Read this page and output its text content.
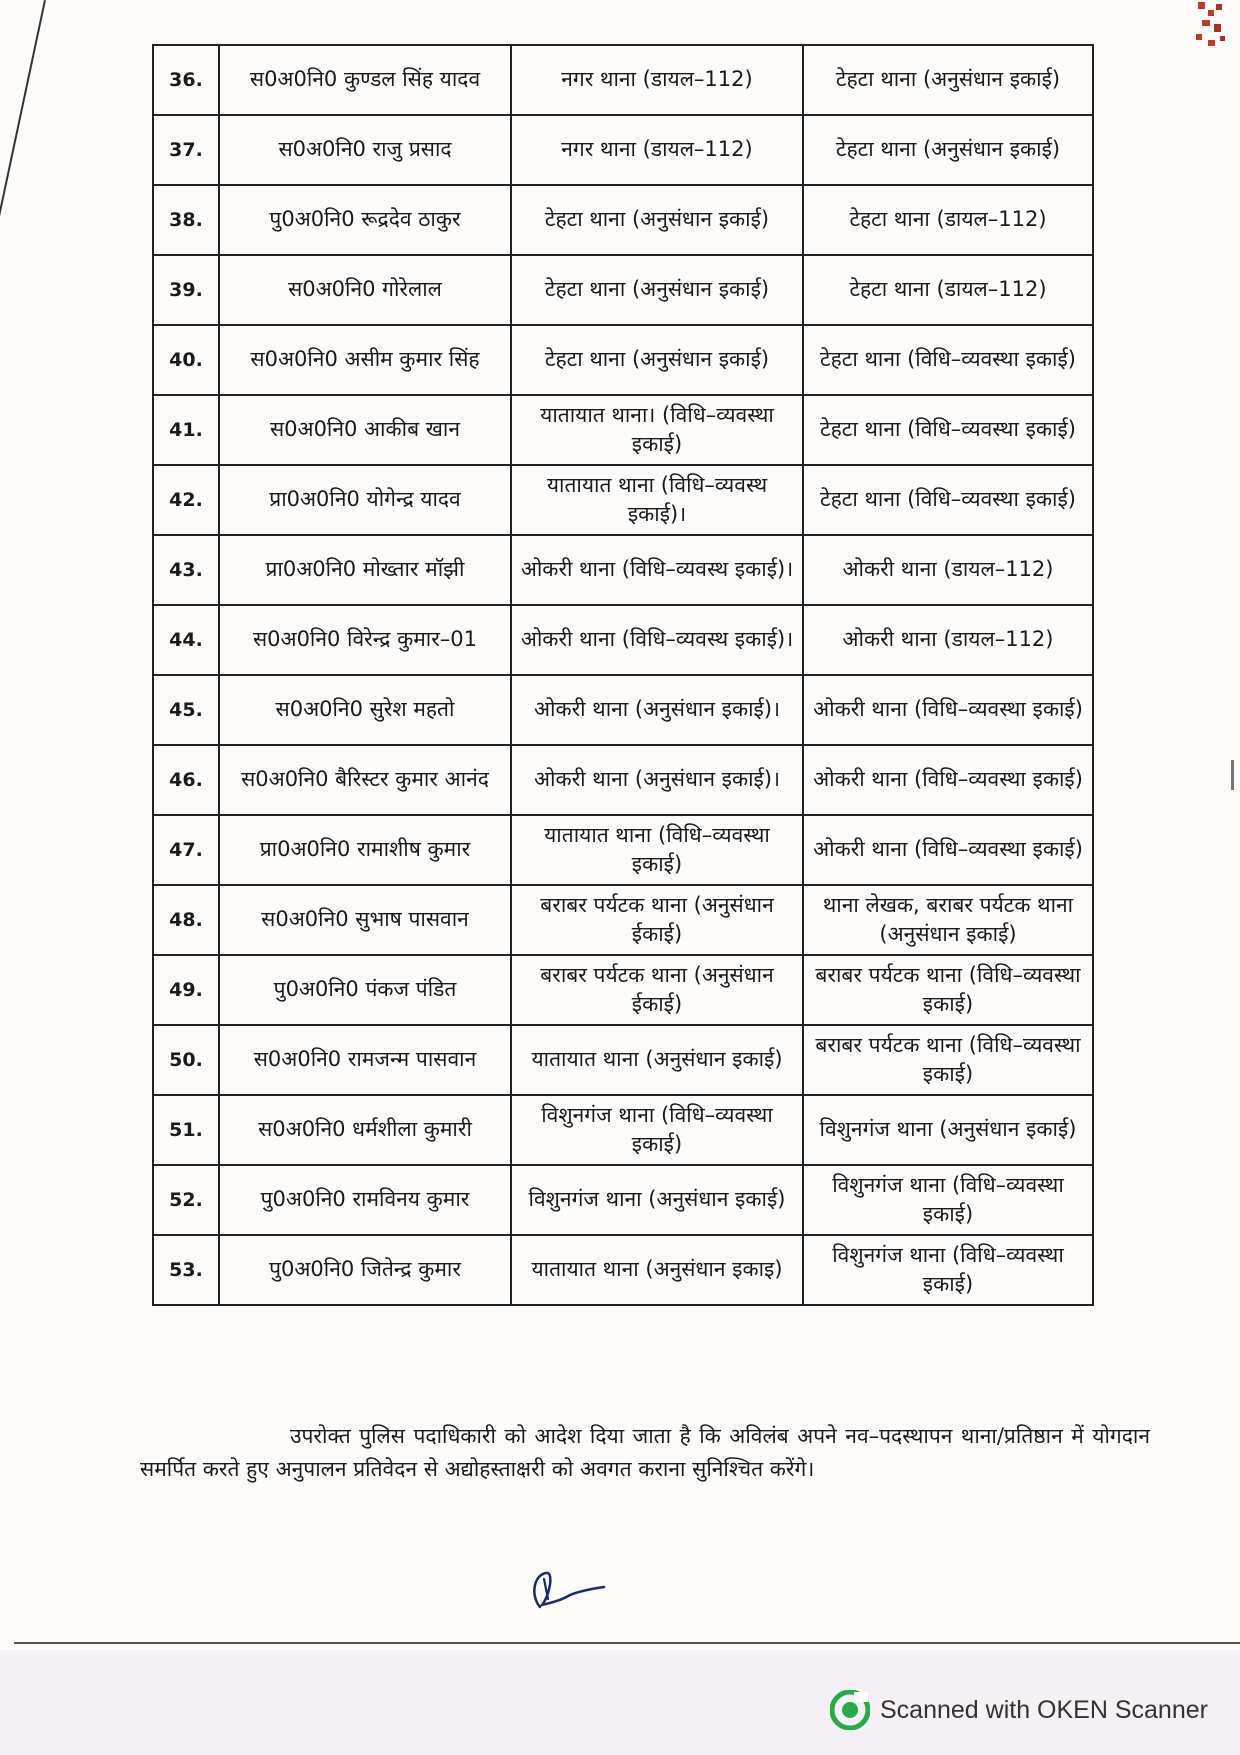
36.	स0अ0नि0 कुण्डल सिंह यादव	नगर थाना (डायल–112)	टेहटा थाना (अनुसंधान इकाई)
37.	स0अ0नि0 राजु प्रसाद	नगर थाना (डायल–112)	टेहटा थाना (अनुसंधान इकाई)
38.	पु0अ0नि0 रूद्रदेव ठाकुर	टेहटा थाना (अनुसंधान इकाई)	टेहटा थाना (डायल–112)
39.	स0अ0नि0 गोरेलाल	टेहटा थाना (अनुसंधान इकाई)	टेहटा थाना (डायल–112)
40.	स0अ0नि0 असीम कुमार सिंह	टेहटा थाना (अनुसंधान इकाई)	टेहटा थाना (विधि–व्यवस्था इकाई)
41.	स0अ0नि0 आकीब खान	यातायात थाना। (विधि–व्यवस्था इकाई)	टेहटा थाना (विधि–व्यवस्था इकाई)
42.	प्रा0अ0नि0 योगेन्द्र यादव	यातायात थाना (विधि–व्यवस्थ इकाई)।	टेहटा थाना (विधि–व्यवस्था इकाई)
43.	प्रा0अ0नि0 मोख्तार मॉझी	ओकरी थाना (विधि–व्यवस्थ इकाई)।	ओकरी थाना (डायल–112)
44.	स0अ0नि0 विरेन्द्र कुमार–01	ओकरी थाना (विधि–व्यवस्थ इकाई)।	ओकरी थाना (डायल–112)
45.	स0अ0नि0 सुरेश महतो	ओकरी थाना (अनुसंधान इकाई)।	ओकरी थाना (विधि–व्यवस्था इकाई)
46.	स0अ0नि0 बैरिस्टर कुमार आनंद	ओकरी थाना (अनुसंधान इकाई)।	ओकरी थाना (विधि–व्यवस्था इकाई)
47.	प्रा0अ0नि0 रामाशीष कुमार	यातायात थाना (विधि–व्यवस्था इकाई)	ओकरी थाना (विधि–व्यवस्था इकाई)
48.	स0अ0नि0 सुभाष पासवान	बराबर पर्यटक थाना (अनुसंधान ईकाई)	थाना लेखक, बराबर पर्यटक थाना (अनुसंधान इकाई)
49.	पु0अ0नि0 पंकज पंडित	बराबर पर्यटक थाना (अनुसंधान ईकाई)	बराबर पर्यटक थाना (विधि–व्यवस्था इकाई)
50.	स0अ0नि0 रामजन्म पासवान	यातायात थाना (अनुसंधान इकाई)	बराबर पर्यटक थाना (विधि–व्यवस्था इकाई)
51.	स0अ0नि0 धर्मशीला कुमारी	विशुनगंज थाना (विधि–व्यवस्था इकाई)	विशुनगंज थाना (अनुसंधान इकाई)
52.	पु0अ0नि0 रामविनय कुमार	विशुनगंज थाना (अनुसंधान इकाई)	विशुनगंज थाना (विधि–व्यवस्था इकाई)
53.	पु0अ0नि0 जितेन्द्र कुमार	यातायात थाना (अनुसंधान इकाइ)	विशुनगंज थाना (विधि–व्यवस्था इकाई)

उपरोक्त पुलिस पदाधिकारी को आदेश दिया जाता है कि अविलंब अपने नव–पदस्थापन थाना/प्रतिष्ठान में योगदान समर्पित करते हुए अनुपालन प्रतिवेदन से अद्योहस्ताक्षरी को अवगत कराना सुनिश्चित करेंगे।

Scanned with OKEN Scanner
